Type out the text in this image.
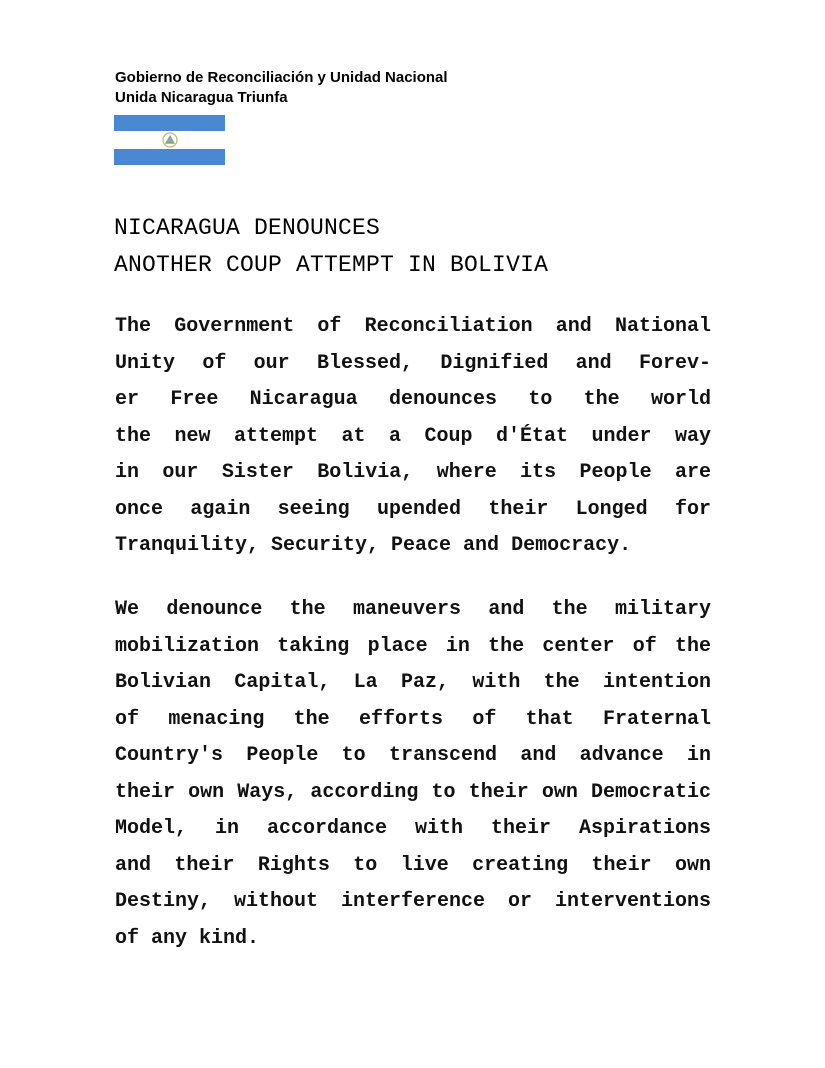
Gobierno de Reconciliación y Unidad Nacional
Unida Nicaragua Triunfa
NICARAGUA DENOUNCES
ANOTHER COUP ATTEMPT IN BOLIVIA
The Government of Reconciliation and National
Unity of our Blessed, Dignified and Forev-
er Free Nicaragua denounces to the world
the new attempt at a Coup d'État under way
in our Sister Bolivia, where its People are
once again seeing upended their Longed for
Tranquility, Security, Peace and Democracy.
We denounce the maneuvers and the military
mobilization taking place in the center of the
Bolivian Capital, La Paz, with the intention
of menacing the efforts of that Fraternal
Country's People to transcend and advance in
their own Ways, according to their own Democratic
Model, in accordance with their Aspirations
and their Rights to live creating their own
Destiny, without interference or interventions
of any kind.
